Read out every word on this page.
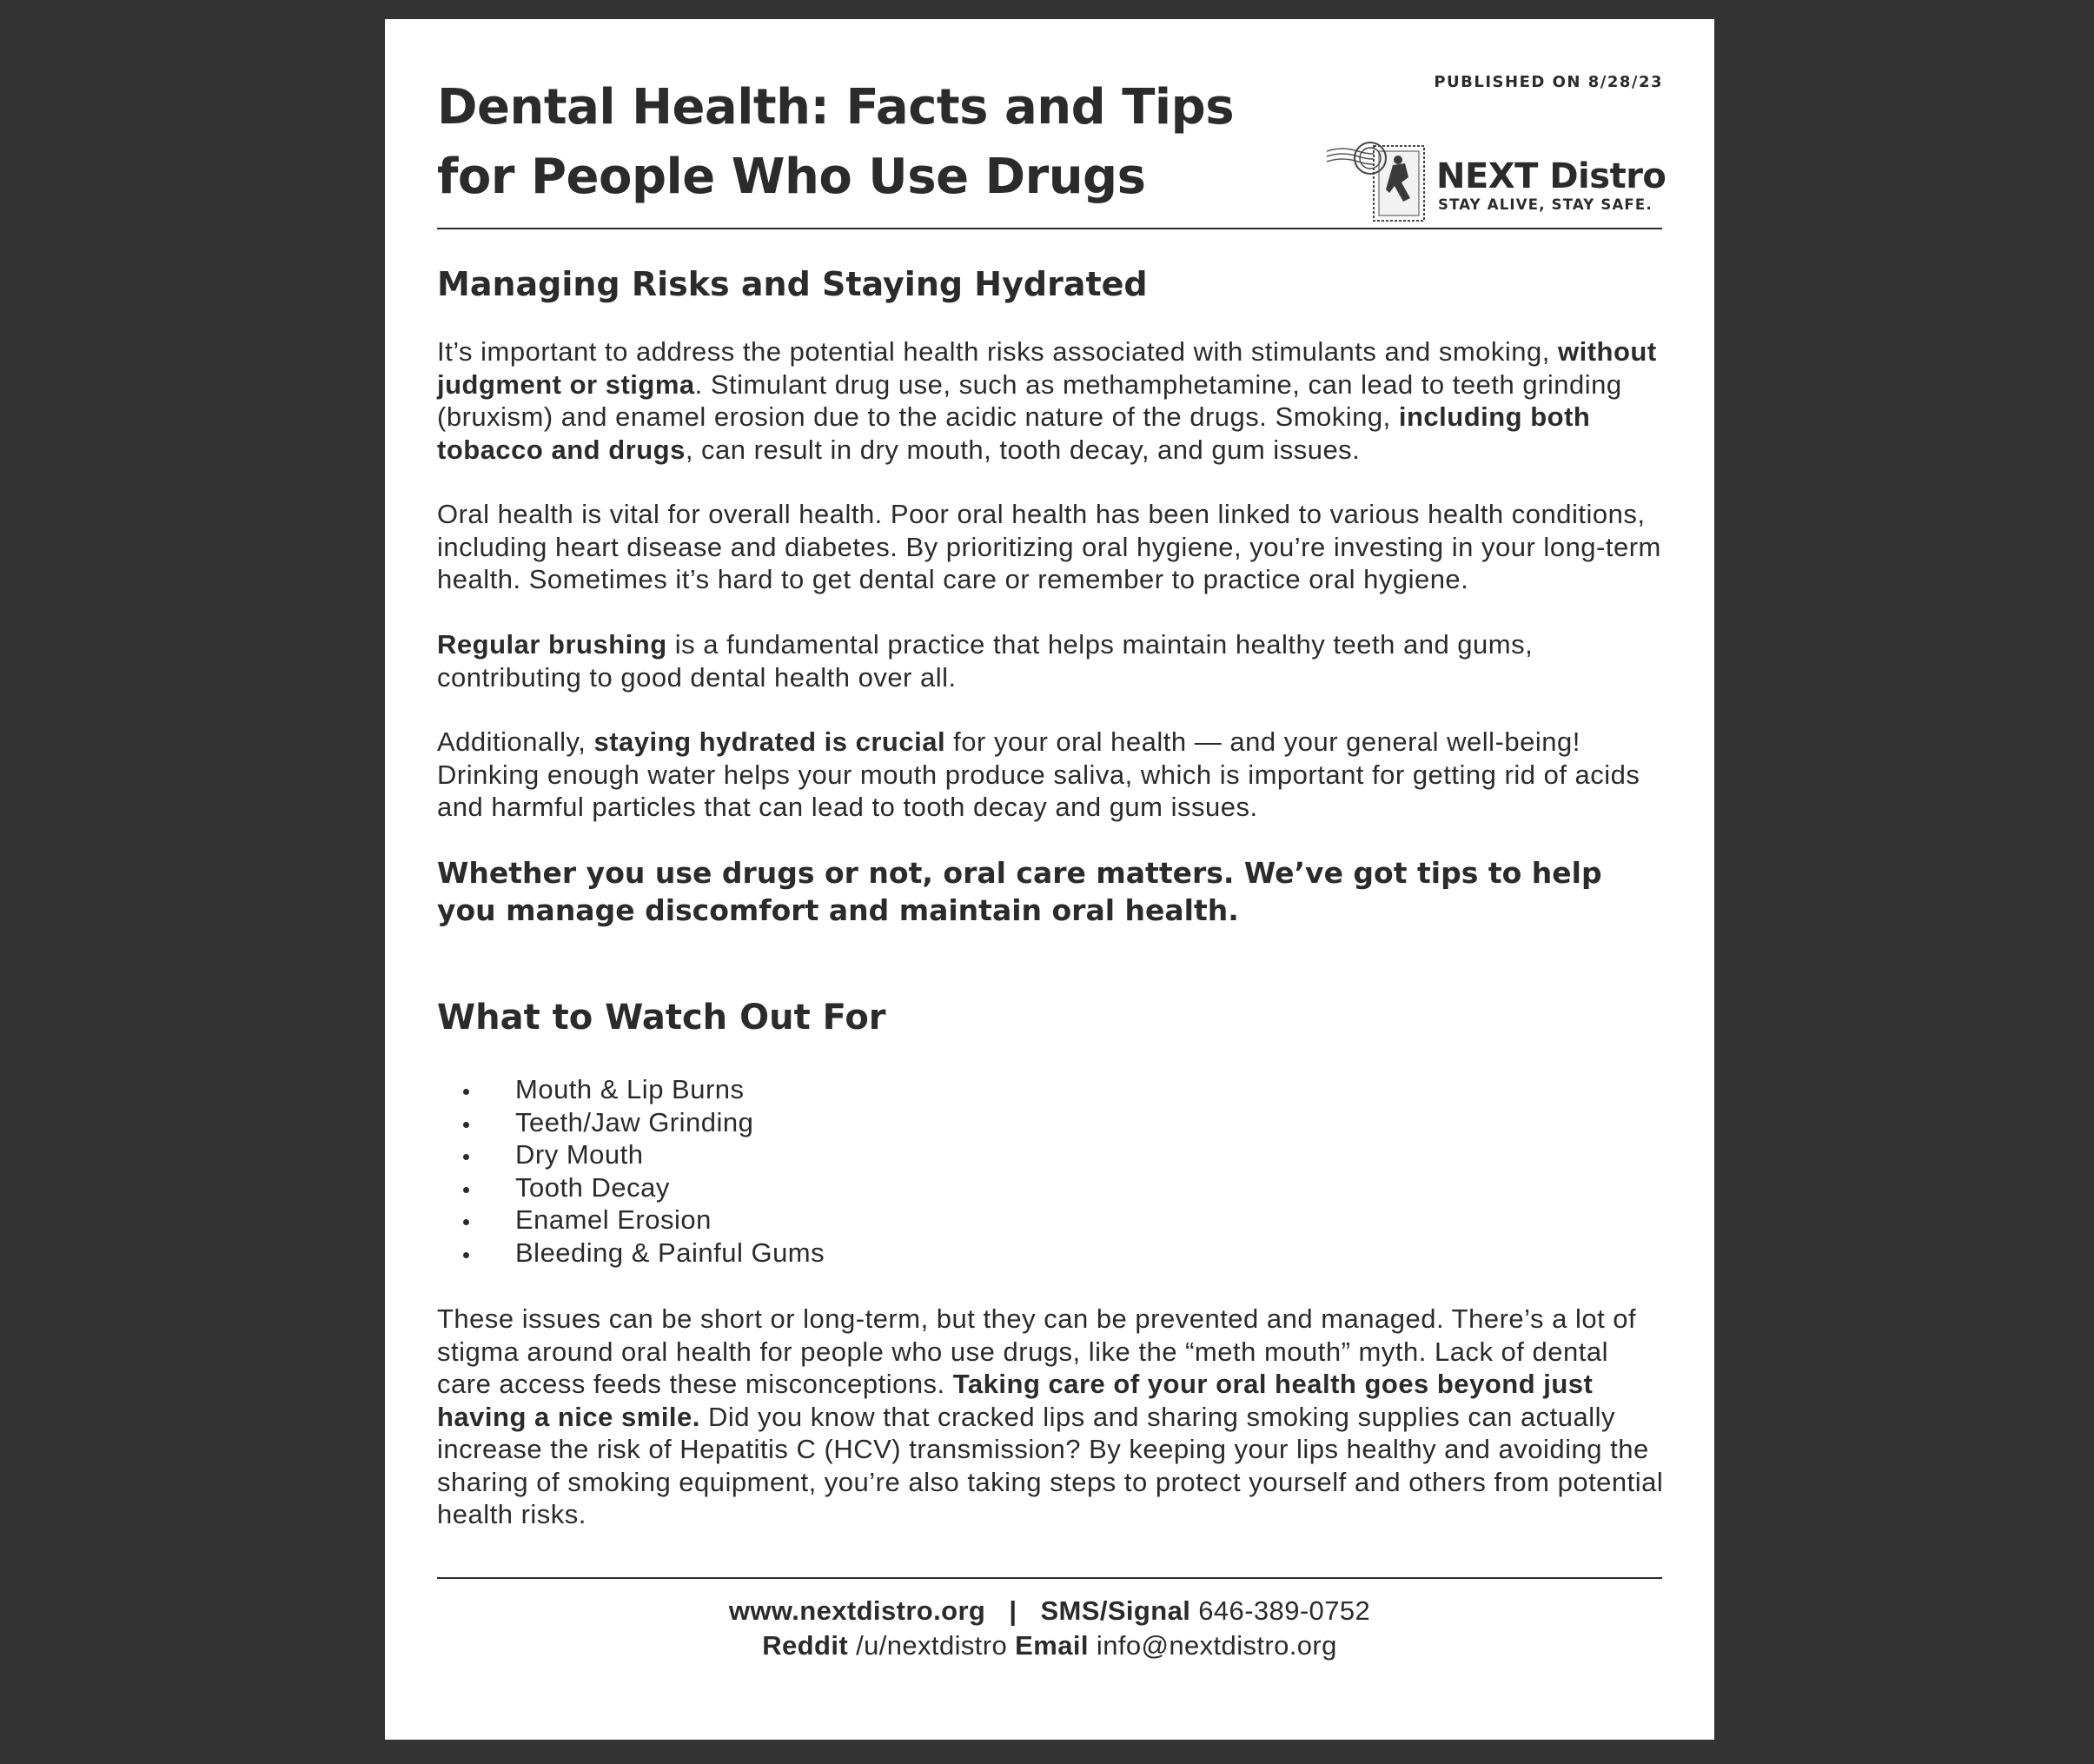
Dental Health: Facts and Tips for People Who Use Drugs
PUBLISHED ON 8/28/23
NEXT Distro
STAY ALIVE, STAY SAFE.
Managing Risks and Staying Hydrated

It’s important to address the potential health risks associated with stimulants and smoking, without judgment or stigma. Stimulant drug use, such as methamphetamine, can lead to teeth grinding (bruxism) and enamel erosion due to the acidic nature of the drugs. Smoking, including both tobacco and drugs, can result in dry mouth, tooth decay, and gum issues.

Oral health is vital for overall health. Poor oral health has been linked to various health conditions, including heart disease and diabetes. By prioritizing oral hygiene, you’re investing in your long-term health. Sometimes it’s hard to get dental care or remember to practice oral hygiene.

Regular brushing is a fundamental practice that helps maintain healthy teeth and gums, contributing to good dental health over all.

Additionally, staying hydrated is crucial for your oral health — and your general well-being! Drinking enough water helps your mouth produce saliva, which is important for getting rid of acids and harmful particles that can lead to tooth decay and gum issues.

Whether you use drugs or not, oral care matters. We’ve got tips to help you manage discomfort and maintain oral health.

What to Watch Out For
Mouth & Lip Burns
Teeth/Jaw Grinding
Dry Mouth
Tooth Decay
Enamel Erosion
Bleeding & Painful Gums

These issues can be short or long-term, but they can be prevented and managed. There’s a lot of stigma around oral health for people who use drugs, like the “meth mouth” myth. Lack of dental care access feeds these misconceptions. Taking care of your oral health goes beyond just having a nice smile. Did you know that cracked lips and sharing smoking supplies can actually increase the risk of Hepatitis C (HCV) transmission? By keeping your lips healthy and avoiding the sharing of smoking equipment, you’re also taking steps to protect yourself and others from potential health risks.

www.nextdistro.org | SMS/Signal 646-389-0752
Reddit /u/nextdistro Email info@nextdistro.org
